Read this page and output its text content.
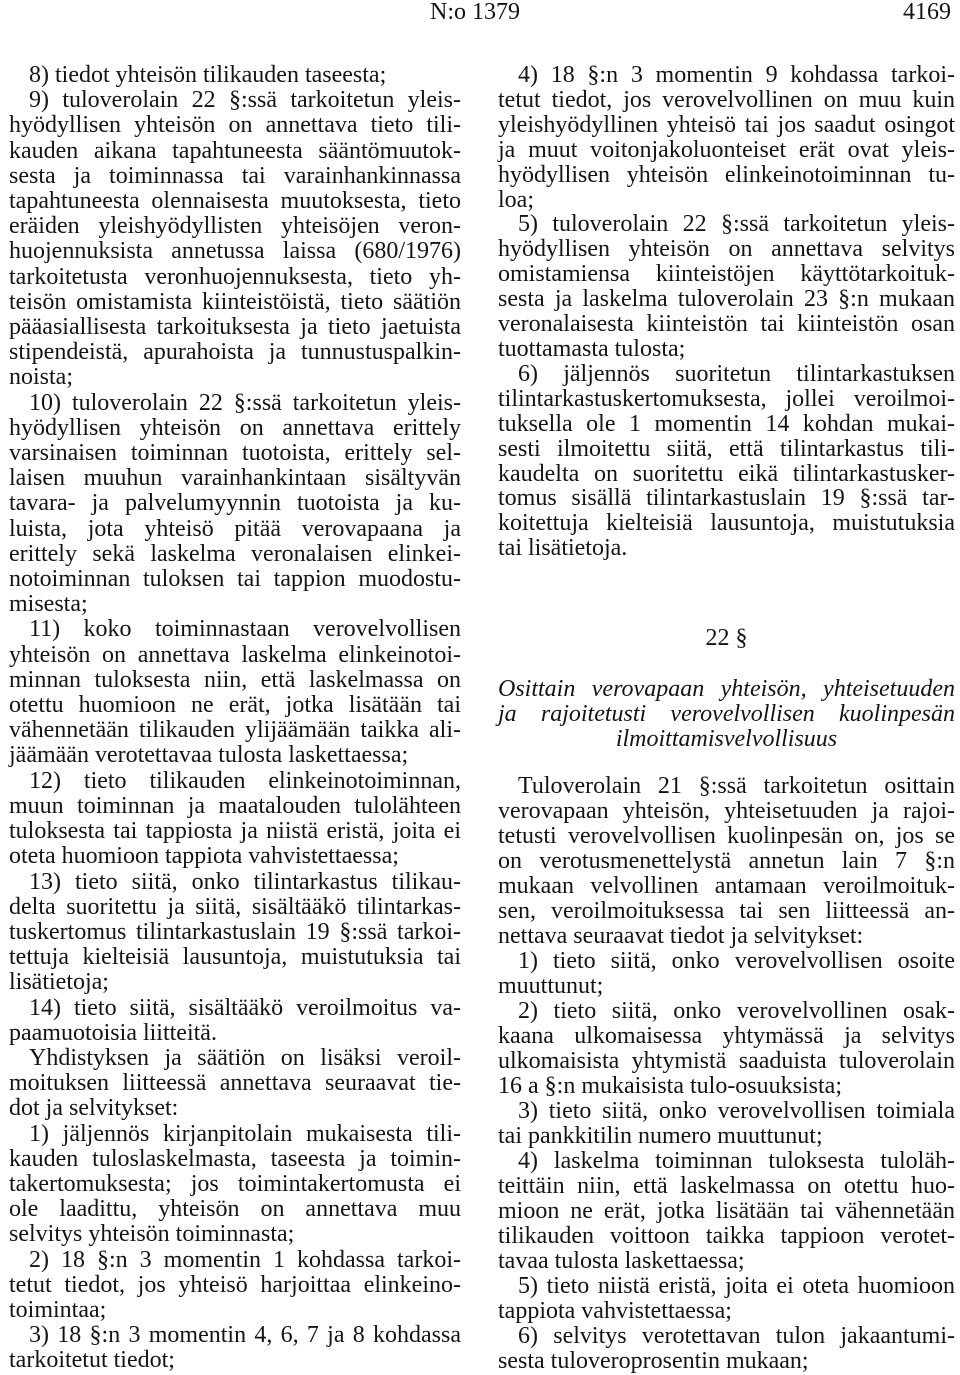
N:o 1379	4169
8) tiedot yhteisön tilikauden taseesta;
9) tuloverolain 22 §:ssä tarkoitetun yleis-
hyödyllisen yhteisön on annettava tieto tili-
kauden aikana tapahtuneesta sääntömuutok-
sesta ja toiminnassa tai varainhankinnassa
tapahtuneesta olennaisesta muutoksesta, tieto
eräiden yleishyödyllisten yhteisöjen veron-
huojennuksista annetussa laissa (680/1976)
tarkoitetusta veronhuojennuksesta, tieto yh-
teisön omistamista kiinteistöistä, tieto säätiön
pääasiallisesta tarkoituksesta ja tieto jaetuista
stipendeistä, apurahoista ja tunnustuspalkin-
noista;
10) tuloverolain 22 §:ssä tarkoitetun yleis-
hyödyllisen yhteisön on annettava erittely
varsinaisen toiminnan tuotoista, erittely sel-
laisen muuhun varainhankintaan sisältyvän
tavara- ja palvelumyynnin tuotoista ja ku-
luista, jota yhteisö pitää verovapaana ja
erittely sekä laskelma veronalaisen elinkei-
notoiminnan tuloksen tai tappion muodostu-
misesta;
11) koko toiminnastaan verovelvollisen
yhteisön on annettava laskelma elinkeinotoi-
minnan tuloksesta niin, että laskelmassa on
otettu huomioon ne erät, jotka lisätään tai
vähennetään tilikauden ylijäämään taikka ali-
jäämään verotettavaa tulosta laskettaessa;
12) tieto tilikauden elinkeinotoiminnan,
muun toiminnan ja maatalouden tulolähteen
tuloksesta tai tappiosta ja niistä eristä, joita ei
oteta huomioon tappiota vahvistettaessa;
13) tieto siitä, onko tilintarkastus tilikau-
delta suoritettu ja siitä, sisältääkö tilintarkas-
tuskertomus tilintarkastuslain 19 §:ssä tarkoi-
tettuja kielteisiä lausuntoja, muistutuksia tai
lisätietoja;
14) tieto siitä, sisältääkö veroilmoitus va-
paamuotoisia liitteitä.
Yhdistyksen ja säätiön on lisäksi veroil-
moituksen liitteessä annettava seuraavat tie-
dot ja selvitykset:
1) jäljennös kirjanpitolain mukaisesta tili-
kauden tuloslaskelmasta, taseesta ja toimin-
takertomuksesta; jos toimintakertomusta ei
ole laadittu, yhteisön on annettava muu
selvitys yhteisön toiminnasta;
2) 18 §:n 3 momentin 1 kohdassa tarkoi-
tetut tiedot, jos yhteisö harjoittaa elinkeino-
toimintaa;
3) 18 §:n 3 momentin 4, 6, 7 ja 8 kohdassa
tarkoitetut tiedot;
4) 18 §:n 3 momentin 9 kohdassa tarkoi-
tetut tiedot, jos verovelvollinen on muu kuin
yleishyödyllinen yhteisö tai jos saadut osingot
ja muut voitonjakoluonteiset erät ovat yleis-
hyödyllisen yhteisön elinkeinotoiminnan tu-
loa;
5) tuloverolain 22 §:ssä tarkoitetun yleis-
hyödyllisen yhteisön on annettava selvitys
omistamiensa kiinteistöjen käyttötarkoituk-
sesta ja laskelma tuloverolain 23 §:n mukaan
veronalaisesta kiinteistön tai kiinteistön osan
tuottamasta tulosta;
6) jäljennös suoritetun tilintarkastuksen
tilintarkastuskertomuksesta, jollei veroilmoi-
tuksella ole 1 momentin 14 kohdan mukai-
sesti ilmoitettu siitä, että tilintarkastus tili-
kaudelta on suoritettu eikä tilintarkastusker-
tomus sisällä tilintarkastuslain 19 §:ssä tar-
koitettuja kielteisiä lausuntoja, muistutuksia
tai lisätietoja.
22 §
Osittain verovapaan yhteisön, yhteisetuuden
ja rajoitetusti verovelvollisen kuolinpesän
ilmoittamisvelvollisuus
Tuloverolain 21 §:ssä tarkoitetun osittain
verovapaan yhteisön, yhteisetuuden ja rajoi-
tetusti verovelvollisen kuolinpesän on, jos se
on verotusmenettelystä annetun lain 7 §:n
mukaan velvollinen antamaan veroilmoituk-
sen, veroilmoituksessa tai sen liitteessä an-
nettava seuraavat tiedot ja selvitykset:
1) tieto siitä, onko verovelvollisen osoite
muuttunut;
2) tieto siitä, onko verovelvollinen osak-
kaana ulkomaisessa yhtymässä ja selvitys
ulkomaisista yhtymistä saaduista tuloverolain
16 a §:n mukaisista tulo-osuuksista;
3) tieto siitä, onko verovelvollisen toimiala
tai pankkitilin numero muuttunut;
4) laskelma toiminnan tuloksesta tuloläh-
teittäin niin, että laskelmassa on otettu huo-
mioon ne erät, jotka lisätään tai vähennetään
tilikauden voittoon taikka tappioon verotet-
tavaa tulosta laskettaessa;
5) tieto niistä eristä, joita ei oteta huomioon
tappiota vahvistettaessa;
6) selvitys verotettavan tulon jakaantumi-
sesta tuloveroprosentin mukaan;
